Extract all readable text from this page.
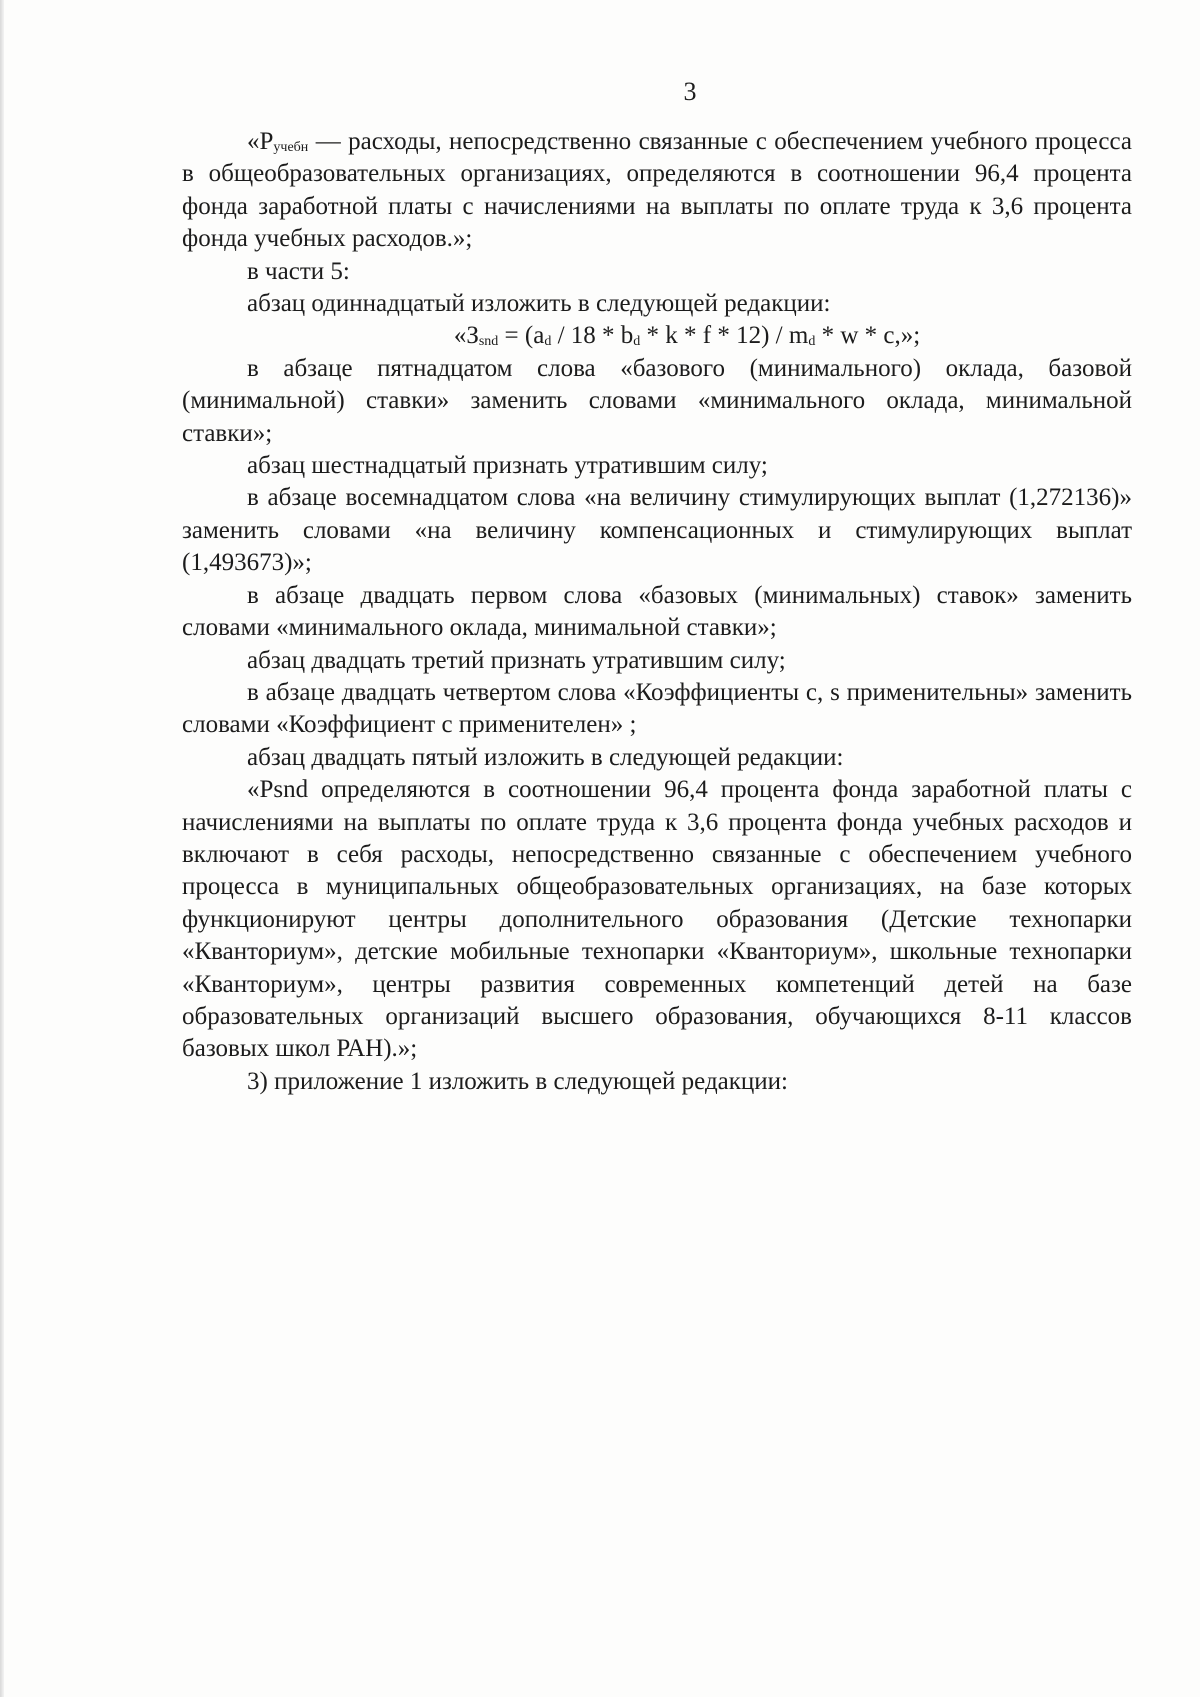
3

«$Р_{учебн}$ — расходы, непосредственно связанные с обеспечением учебного процесса в общеобразовательных организациях, определяются в соотношении 96,4 процента фонда заработной платы с начислениями на выплаты по оплате труда к 3,6 процента фонда учебных расходов.»;

в части 5:

абзац одиннадцатый изложить в следующей редакции:

«$З_{snd} = (a_d / 18 * b_d * k * f * 12) / m_d * w * c$,»;

в абзаце пятнадцатом слова «базового (минимального) оклада, базовой (минимальной) ставки» заменить словами «минимального оклада, минимальной ставки»;

абзац шестнадцатый признать утратившим силу;

в абзаце восемнадцатом слова «на величину стимулирующих выплат (1,272136)» заменить словами «на величину компенсационных и стимулирующих выплат (1,493673)»;

в абзаце двадцать первом слова «базовых (минимальных) ставок» заменить словами «минимального оклада, минимальной ставки»;

абзац двадцать третий признать утратившим силу;

в абзаце двадцать четвертом слова «Коэффициенты c, s применительны» заменить словами «Коэффициент c применителен» ;

абзац двадцать пятый изложить в следующей редакции:

«Psnd определяются в соотношении 96,4 процента фонда заработной платы с начислениями на выплаты по оплате труда к 3,6 процента фонда учебных расходов и включают в себя расходы, непосредственно связанные с обеспечением учебного процесса в муниципальных общеобразовательных организациях, на базе которых функционируют центры дополнительного образования (Детские технопарки «Кванториум», детские мобильные технопарки «Кванториум», школьные технопарки «Кванториум», центры развития современных компетенций детей на базе образовательных организаций высшего образования, обучающихся 8-11 классов базовых школ РАН).»;

3) приложение 1 изложить в следующей редакции:
